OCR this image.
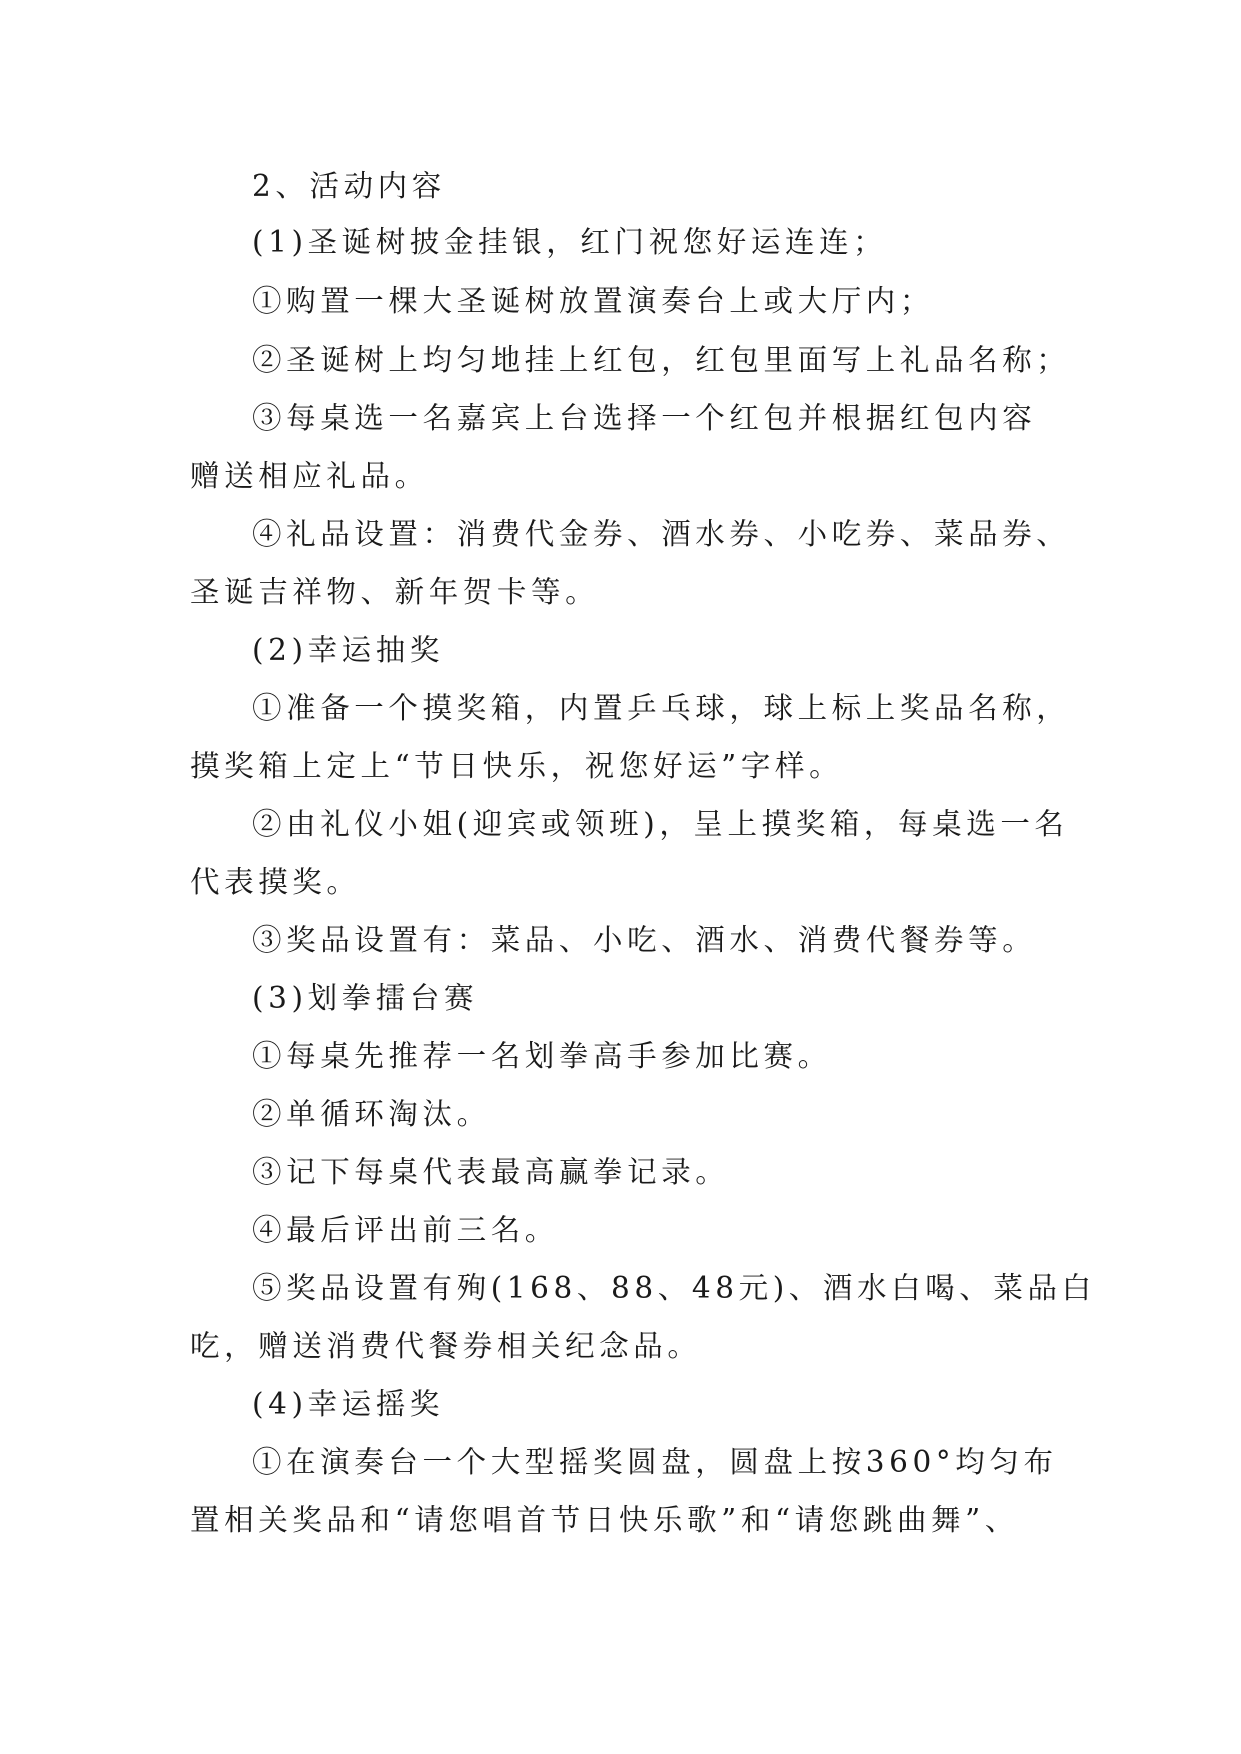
2、活动内容
(1)圣诞树披金挂银，红门祝您好运连连；
①购置一棵大圣诞树放置演奏台上或大厅内；
②圣诞树上均匀地挂上红包，红包里面写上礼品名称；
③每桌选一名嘉宾上台选择一个红包并根据红包内容
赠送相应礼品。
④礼品设置：消费代金券、酒水券、小吃券、菜品券、
圣诞吉祥物、新年贺卡等。
(2)幸运抽奖
①准备一个摸奖箱，内置乒乓球，球上标上奖品名称，
摸奖箱上定上“节日快乐，祝您好运”字样。
②由礼仪小姐(迎宾或领班)，呈上摸奖箱，每桌选一名
代表摸奖。
③奖品设置有：菜品、小吃、酒水、消费代餐券等。
(3)划拳擂台赛
①每桌先推荐一名划拳高手参加比赛。
②单循环淘汰。
③记下每桌代表最高赢拳记录。
④最后评出前三名。
⑤奖品设置有殉(168、88、48元)、酒水白喝、菜品白
吃，赠送消费代餐券相关纪念品。
(4)幸运摇奖
①在演奏台一个大型摇奖圆盘，圆盘上按360°均匀布
置相关奖品和“请您唱首节日快乐歌”和“请您跳曲舞”、
